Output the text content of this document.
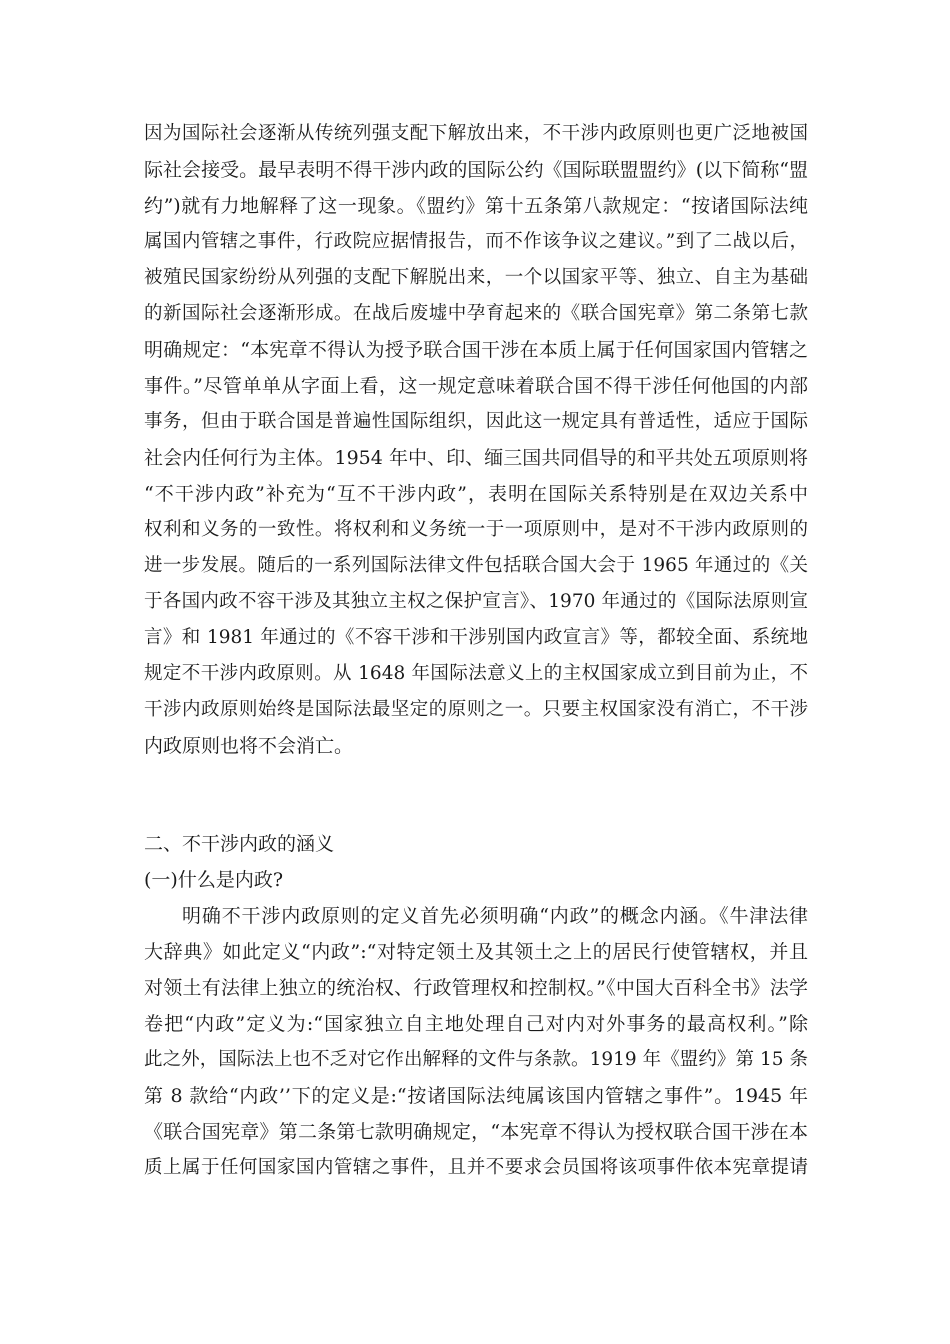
因为国际社会逐渐从传统列强支配下解放出来，不干涉内政原则也更广泛地被国
际社会接受。最早表明不得干涉内政的国际公约《国际联盟盟约》(以下简称“盟
约”)就有力地解释了这一现象。《盟约》第十五条第八款规定：“按诸国际法纯
属国内管辖之事件，行政院应据情报告，而不作该争议之建议。”到了二战以后，
被殖民国家纷纷从列强的支配下解脱出来，一个以国家平等、独立、自主为基础
的新国际社会逐渐形成。在战后废墟中孕育起来的《联合国宪章》第二条第七款
明确规定：“本宪章不得认为授予联合国干涉在本质上属于任何国家国内管辖之
事件。”尽管单单从字面上看，这一规定意味着联合国不得干涉任何他国的内部
事务，但由于联合国是普遍性国际组织，因此这一规定具有普适性，适应于国际
社会内任何行为主体。1954 年中、印、缅三国共同倡导的和平共处五项原则将
“不干涉内政”补充为“互不干涉内政”，表明在国际关系特别是在双边关系中
权利和义务的一致性。将权利和义务统一于一项原则中，是对不干涉内政原则的
进一步发展。随后的一系列国际法律文件包括联合国大会于 1965 年通过的《关
于各国内政不容干涉及其独立主权之保护宣言》、1970 年通过的《国际法原则宣
言》和 1981 年通过的《不容干涉和干涉别国内政宣言》等，都较全面、系统地
规定不干涉内政原则。从 1648 年国际法意义上的主权国家成立到目前为止，不
干涉内政原则始终是国际法最坚定的原则之一。只要主权国家没有消亡，不干涉
内政原则也将不会消亡。
二、不干涉内政的涵义
(一)什么是内政?
明确不干涉内政原则的定义首先必须明确“内政”的概念内涵。《牛津法律
大辞典》如此定义“内政”:“对特定领土及其领土之上的居民行使管辖权，并且
对领土有法律上独立的统治权、行政管理权和控制权。”《中国大百科全书》法学
卷把“内政”定义为:“国家独立自主地处理自己对内对外事务的最高权利。”除
此之外，国际法上也不乏对它作出解释的文件与条款。1919 年《盟约》第 15 条
第 8 款给“内政’’下的定义是:“按诸国际法纯属该国内管辖之事件”。1945 年
《联合国宪章》第二条第七款明确规定，“本宪章不得认为授权联合国干涉在本
质上属于任何国家国内管辖之事件，且并不要求会员国将该项事件依本宪章提请
